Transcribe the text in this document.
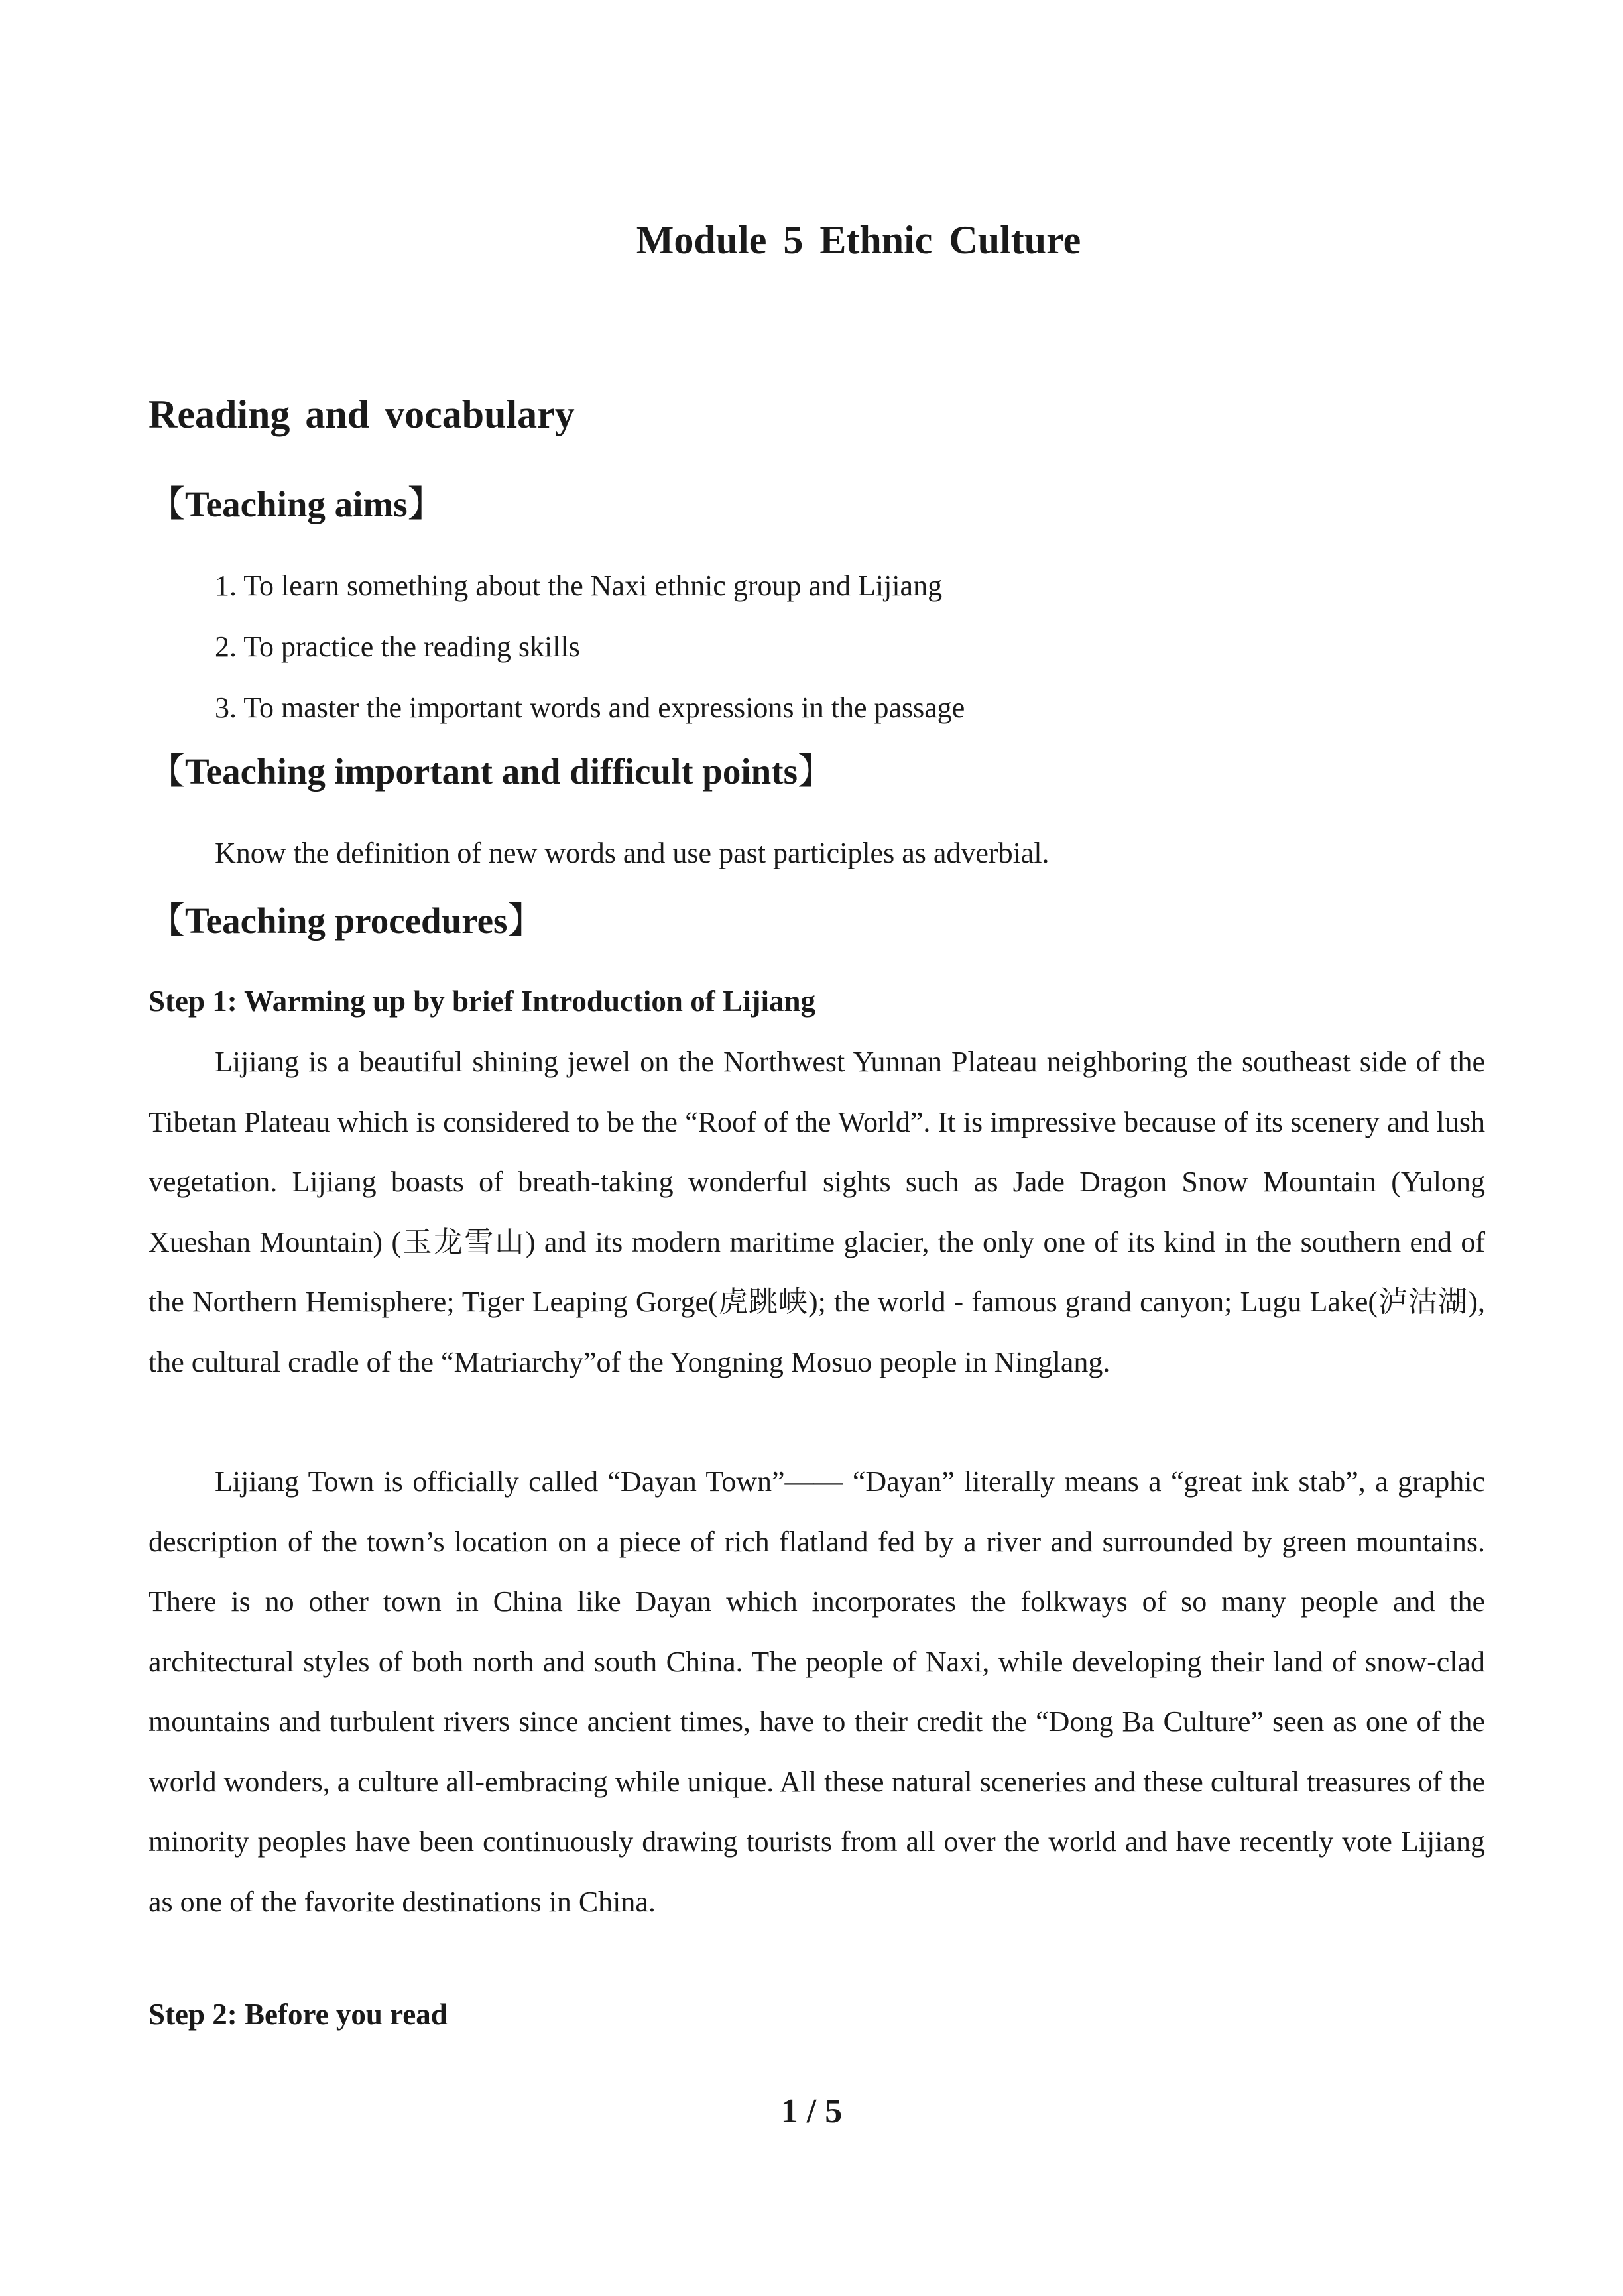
Module 5 Ethnic Culture
Reading and vocabulary
【Teaching aims】
1. To learn something about the Naxi ethnic group and Lijiang
2. To practice the reading skills
3. To master the important words and expressions in the passage
【Teaching important and difficult points】
Know the definition of new words and use past participles as adverbial.
【Teaching procedures】
Step 1: Warming up by brief Introduction of Lijiang

Lijiang is a beautiful shining jewel on the Northwest Yunnan Plateau neighboring the southeast side of the Tibetan Plateau which is considered to be the “Roof of the World”. It is impressive because of its scenery and lush vegetation. Lijiang boasts of breath-taking wonderful sights such as Jade Dragon Snow Mountain (Yulong Xueshan Mountain) (玉龙雪山) and its modern maritime glacier, the only one of its kind in the southern end of the Northern Hemisphere; Tiger Leaping Gorge(虎跳峡); the world - famous grand canyon; Lugu Lake(泸沽湖), the cultural cradle of the “Matriarchy”of the Yongning Mosuo people in Ninglang.

Lijiang Town is officially called “Dayan Town”—— “Dayan” literally means a “great ink stab”, a graphic description of the town’s location on a piece of rich flatland fed by a river and surrounded by green mountains. There is no other town in China like Dayan which incorporates the folkways of so many people and the architectural styles of both north and south China. The people of Naxi, while developing their land of snow-clad mountains and turbulent rivers since ancient times, have to their credit the “Dong Ba Culture” seen as one of the world wonders, a culture all-embracing while unique. All these natural sceneries and these cultural treasures of the minority peoples have been continuously drawing tourists from all over the world and have recently vote Lijiang as one of the favorite destinations in China.

Step 2: Before you read
1 / 5
